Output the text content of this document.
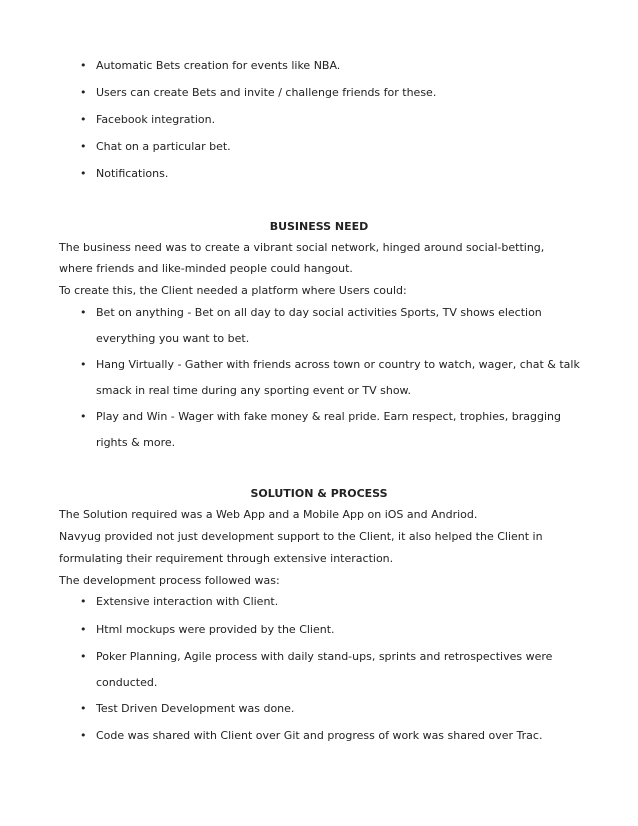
• Automatic Bets creation for events like NBA.
• Users can create Bets and invite / challenge friends for these.
• Facebook integration.
• Chat on a particular bet.
• Notifications.
BUSINESS NEED
The business need was to create a vibrant social network, hinged around social-betting,
where friends and like-minded people could hangout.
To create this, the Client needed a platform where Users could:
• Bet on anything - Bet on all day to day social activities Sports, TV shows election
everything you want to bet.
• Hang Virtually - Gather with friends across town or country to watch, wager, chat & talk
smack in real time during any sporting event or TV show.
• Play and Win - Wager with fake money & real pride. Earn respect, trophies, bragging
rights & more.
SOLUTION & PROCESS
The Solution required was a Web App and a Mobile App on iOS and Andriod.
Navyug provided not just development support to the Client, it also helped the Client in
formulating their requirement through extensive interaction.
The development process followed was:
• Extensive interaction with Client.
• Html mockups were provided by the Client.
• Poker Planning, Agile process with daily stand-ups, sprints and retrospectives were
conducted.
• Test Driven Development was done.
• Code was shared with Client over Git and progress of work was shared over Trac.
